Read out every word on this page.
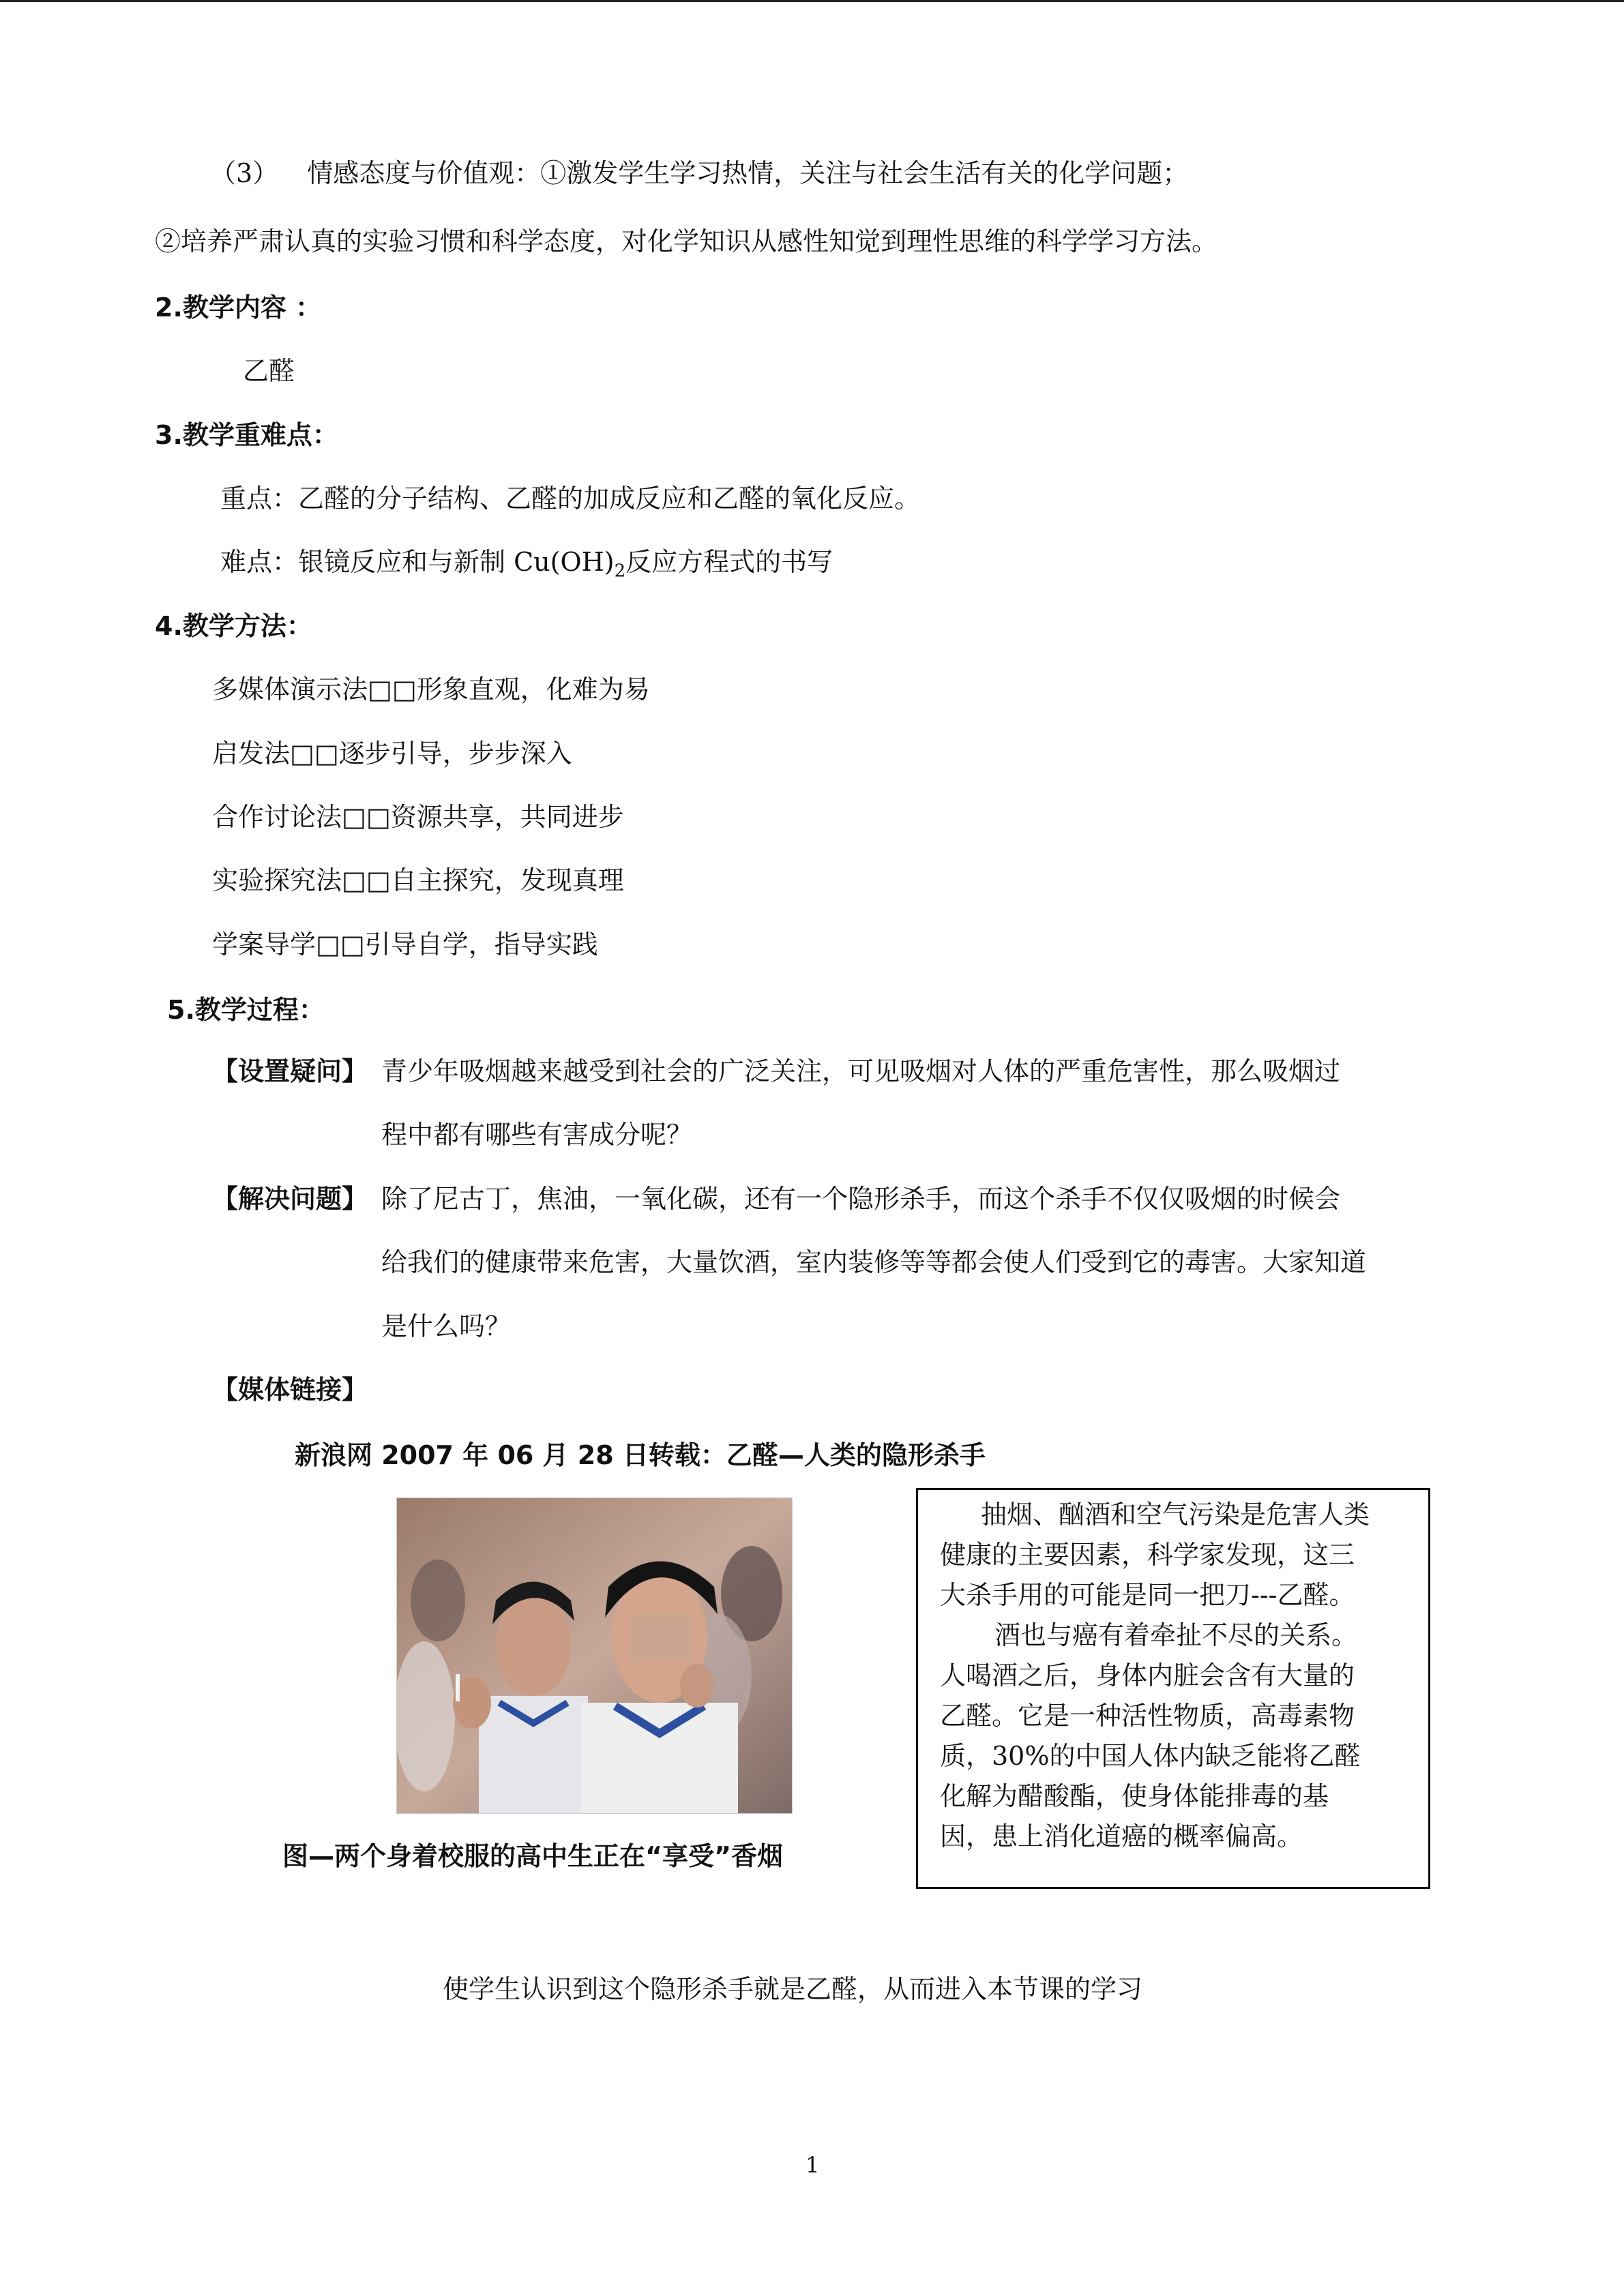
（3） 情感态度与价值观：①激发学生学习热情，关注与社会生活有关的化学问题；
②培养严肃认真的实验习惯和科学态度，对化学知识从感性知觉到理性思维的科学学习方法。
2.教学内容 ：
乙醛
3.教学重难点：
重点：乙醛的分子结构、乙醛的加成反应和乙醛的氧化反应。
难点：银镜反应和与新制 $Cu(OH)_2$反应方程式的书写
4.教学方法：
多媒体演示法□□形象直观，化难为易
启发法□□逐步引导，步步深入
合作讨论法□□资源共享，共同进步
实验探究法□□自主探究，发现真理
学案导学□□引导自学，指导实践
5.教学过程：
【设置疑问】 青少年吸烟越来越受到社会的广泛关注，可见吸烟对人体的严重危害性，那么吸烟过
程中都有哪些有害成分呢？
【解决问题】 除了尼古丁，焦油，一氧化碳，还有一个隐形杀手，而这个杀手不仅仅吸烟的时候会
给我们的健康带来危害，大量饮酒，室内装修等等都会使人们受到它的毒害。大家知道
是什么吗？
【媒体链接】
新浪网 2007 年 06 月 28 日转载：乙醛—人类的隐形杀手
图—两个身着校服的高中生正在“享受”香烟
抽烟、酗酒和空气污染是危害人类
健康的主要因素，科学家发现，这三
大杀手用的可能是同一把刀---乙醛。
酒也与癌有着牵扯不尽的关系。
人喝酒之后，身体内脏会含有大量的
乙醛。它是一种活性物质，高毒素物
质，30%的中国人体内缺乏能将乙醛
化解为醋酸酯，使身体能排毒的基
因，患上消化道癌的概率偏高。
使学生认识到这个隐形杀手就是乙醛，从而进入本节课的学习
1
